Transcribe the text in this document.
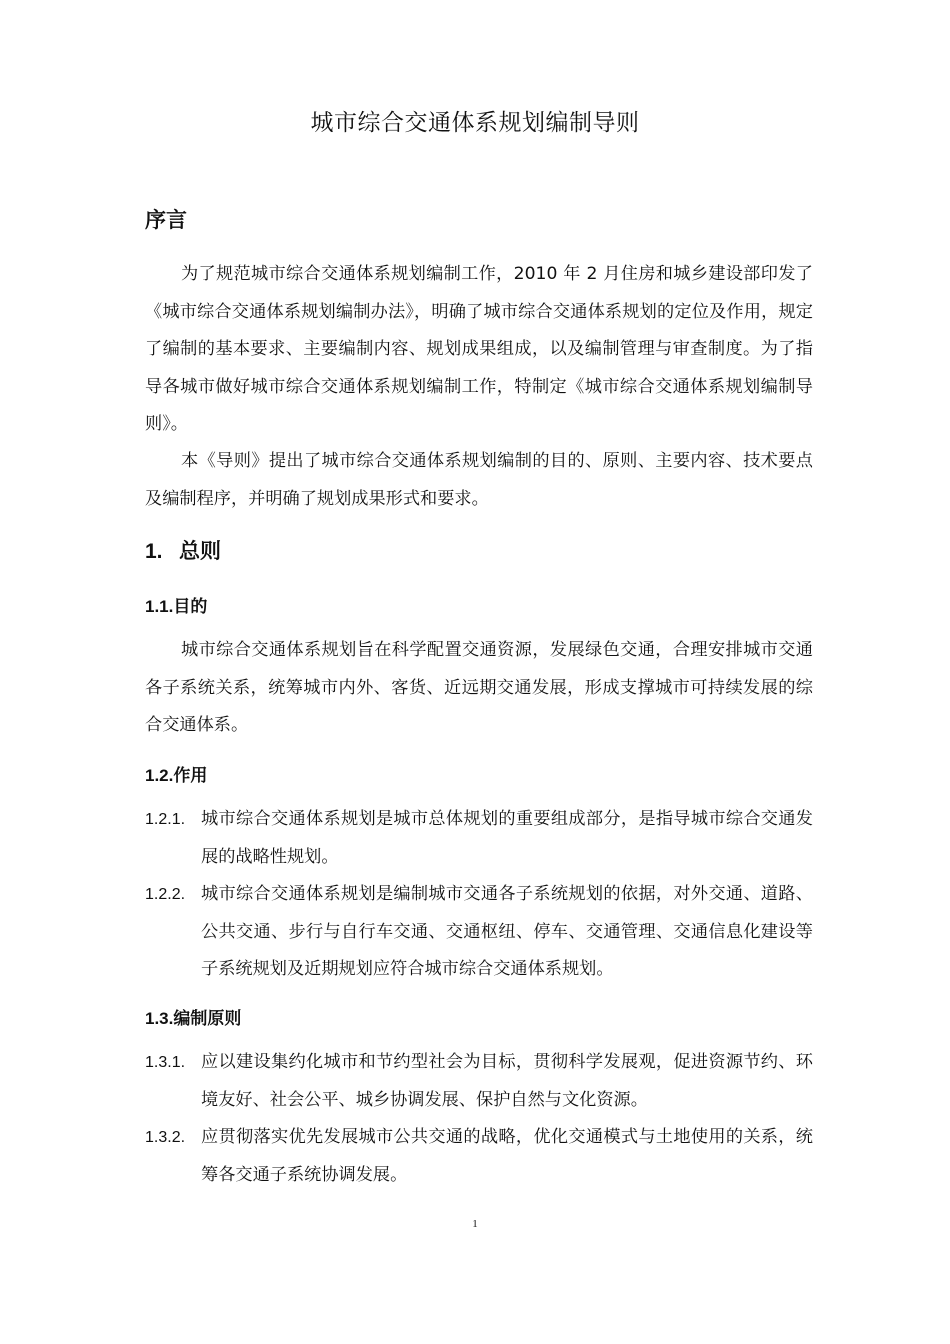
城市综合交通体系规划编制导则
序言

为了规范城市综合交通体系规划编制工作，2010 年 2 月住房和城乡建设部印发了《城市综合交通体系规划编制办法》，明确了城市综合交通体系规划的定位及作用，规定了编制的基本要求、主要编制内容、规划成果组成，以及编制管理与审查制度。为了指导各城市做好城市综合交通体系规划编制工作，特制定《城市综合交通体系规划编制导则》。

本《导则》提出了城市综合交通体系规划编制的目的、原则、主要内容、技术要点及编制程序，并明确了规划成果形式和要求。

1. 总则
1.1.目的

城市综合交通体系规划旨在科学配置交通资源，发展绿色交通，合理安排城市交通各子系统关系，统筹城市内外、客货、近远期交通发展，形成支撑城市可持续发展的综合交通体系。

1.2.作用
1.2.1. 城市综合交通体系规划是城市总体规划的重要组成部分，是指导城市综合交通发展的战略性规划。
1.2.2. 城市综合交通体系规划是编制城市交通各子系统规划的依据，对外交通、道路、公共交通、步行与自行车交通、交通枢纽、停车、交通管理、交通信息化建设等子系统规划及近期规划应符合城市综合交通体系规划。
1.3.编制原则
1.3.1. 应以建设集约化城市和节约型社会为目标，贯彻科学发展观，促进资源节约、环境友好、社会公平、城乡协调发展、保护自然与文化资源。
1.3.2. 应贯彻落实优先发展城市公共交通的战略，优化交通模式与土地使用的关系，统筹各交通子系统协调发展。
1
